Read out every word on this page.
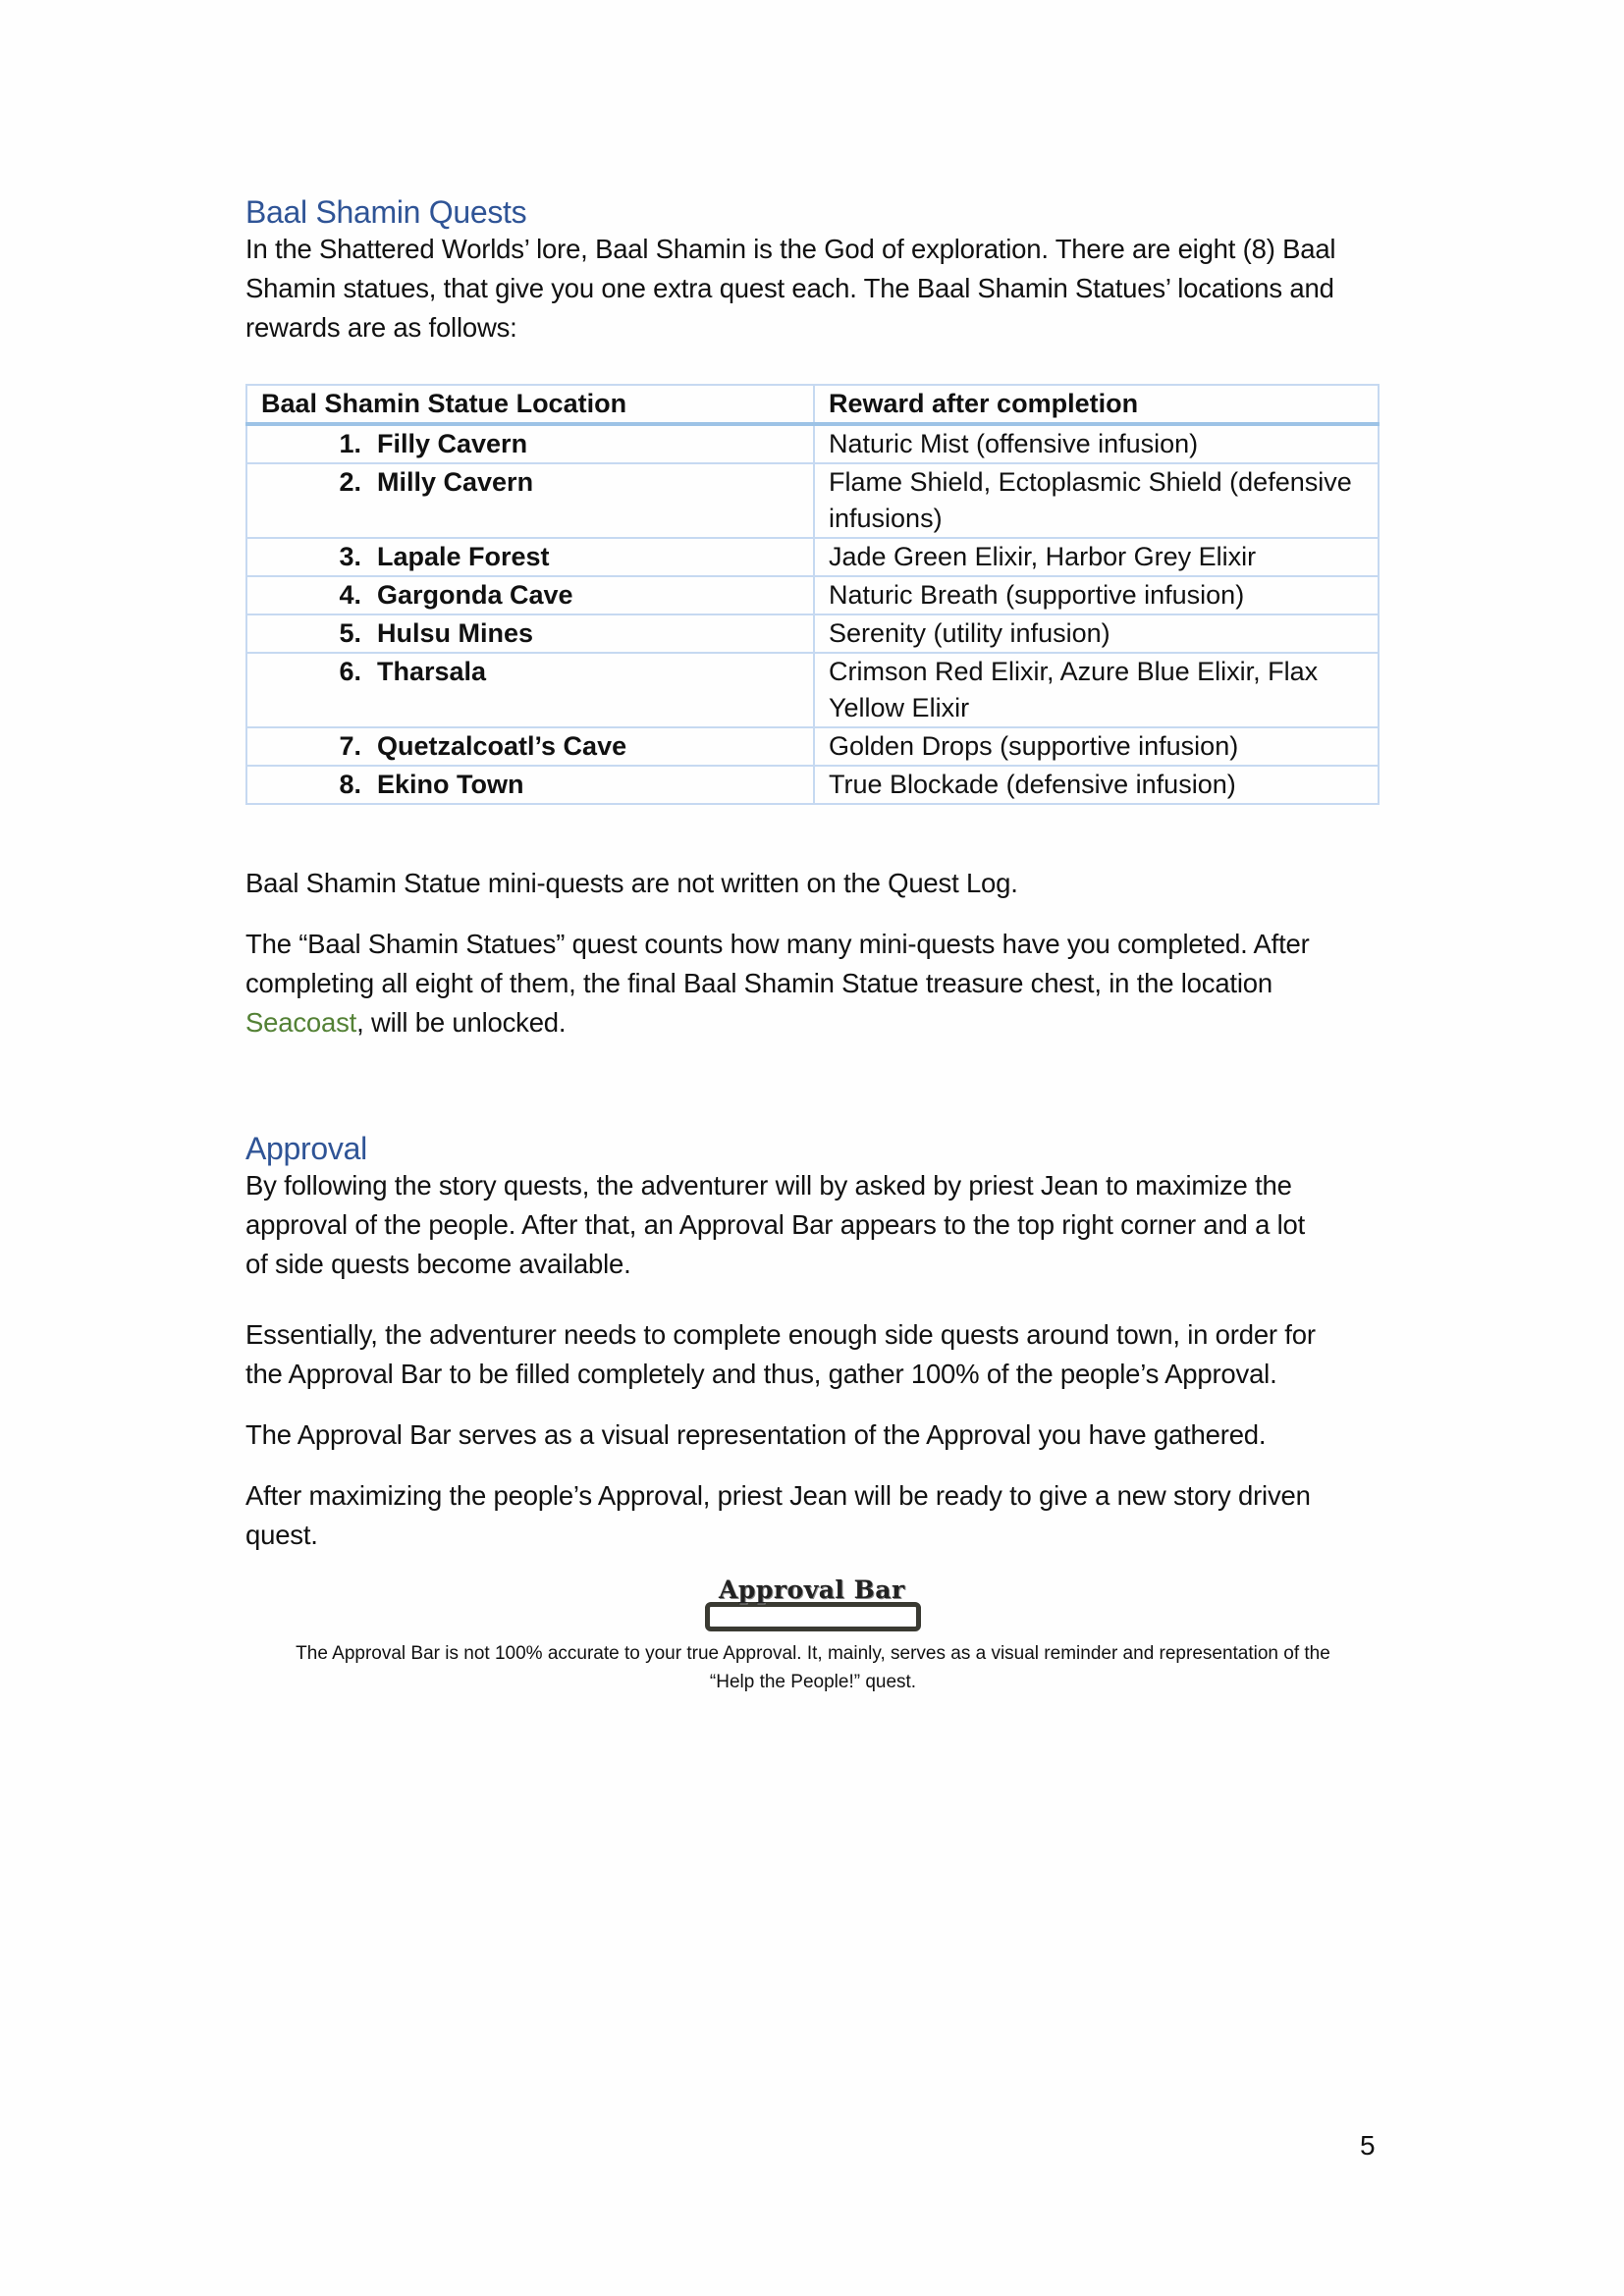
Baal Shamin Quests

In the Shattered Worlds’ lore, Baal Shamin is the God of exploration. There are eight (8) Baal
Shamin statues, that give you one extra quest each. The Baal Shamin Statues’ locations and
rewards are as follows:

Baal Shamin Statue Location	Reward after completion
1. Filly Cavern	Naturic Mist (offensive infusion)
2. Milly Cavern	Flame Shield, Ectoplasmic Shield (defensive infusions)
3. Lapale Forest	Jade Green Elixir, Harbor Grey Elixir
4. Gargonda Cave	Naturic Breath (supportive infusion)
5. Hulsu Mines	Serenity (utility infusion)
6. Tharsala	Crimson Red Elixir, Azure Blue Elixir, Flax Yellow Elixir
7. Quetzalcoatl’s Cave	Golden Drops (supportive infusion)
8. Ekino Town	True Blockade (defensive infusion)

Baal Shamin Statue mini-quests are not written on the Quest Log.

The “Baal Shamin Statues” quest counts how many mini-quests have you completed. After
completing all eight of them, the final Baal Shamin Statue treasure chest, in the location
Seacoast, will be unlocked.

Approval

By following the story quests, the adventurer will by asked by priest Jean to maximize the
approval of the people. After that, an Approval Bar appears to the top right corner and a lot
of side quests become available.

Essentially, the adventurer needs to complete enough side quests around town, in order for
the Approval Bar to be filled completely and thus, gather 100% of the people’s Approval.

The Approval Bar serves as a visual representation of the Approval you have gathered.

After maximizing the people’s Approval, priest Jean will be ready to give a new story driven
quest.

Approval Bar
The Approval Bar is not 100% accurate to your true Approval. It, mainly, serves as a visual reminder and representation of the
“Help the People!” quest.
5
